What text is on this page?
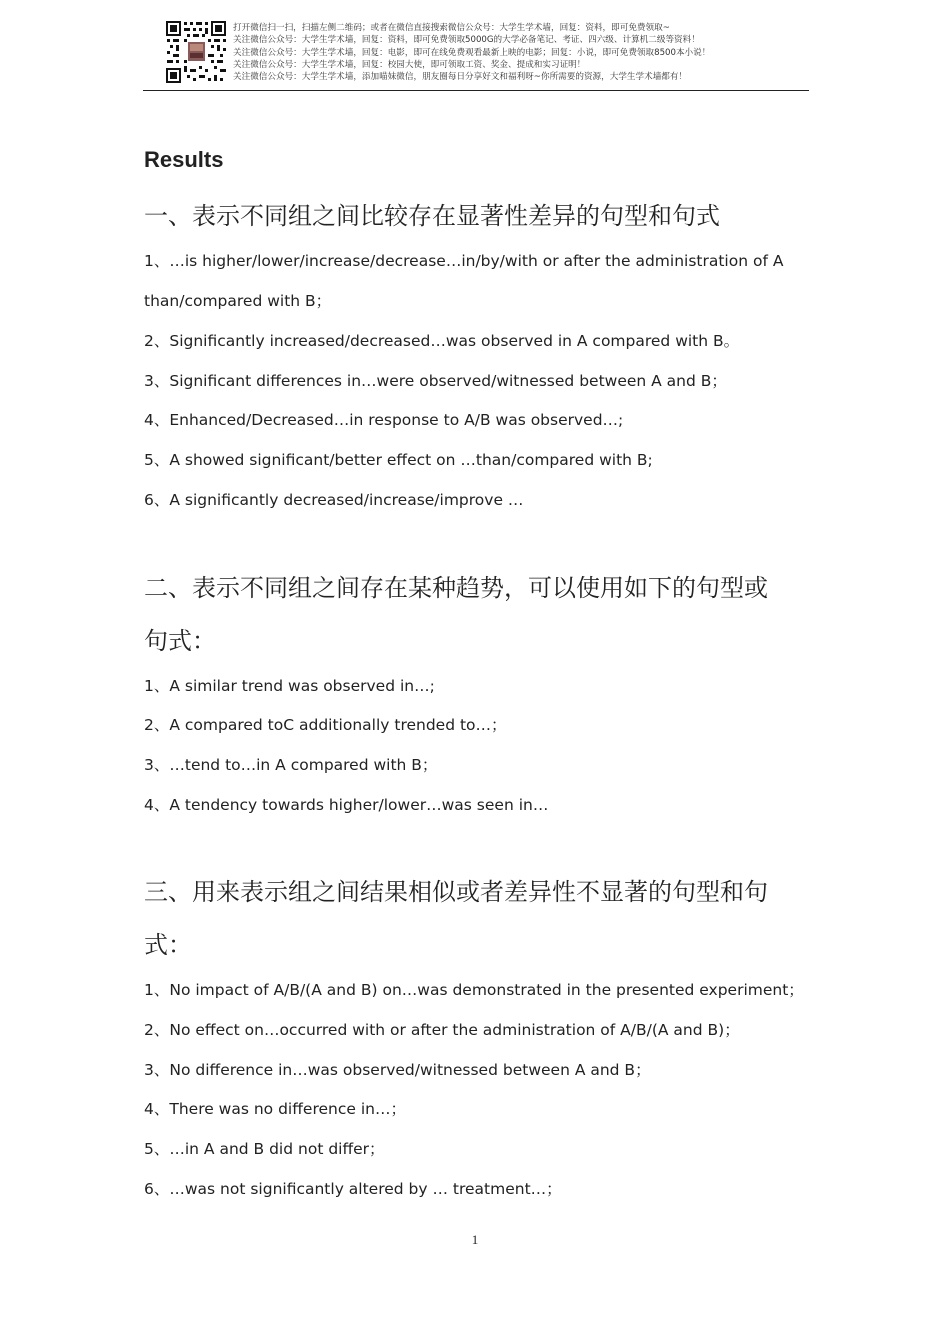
打开微信扫一扫，扫描左侧二维码；或者在微信直接搜索微信公众号：大学生学术墙，回复：资料，即可免费领取~
关注微信公众号：大学生学术墙，回复：资料，即可免费领取5000G的大学必备笔记、考证、四六级、计算机二级等资料！
关注微信公众号：大学生学术墙，回复：电影，即可在线免费观看最新上映的电影；回复：小说，即可免费领取8500本小说！
关注微信公众号：大学生学术墙，回复：校园大使，即可领取工资、奖金、提成和实习证明！
关注微信公众号：大学生学术墙，添加喵妹微信，朋友圈每日分享好文和福利呀~你所需要的资源，大学生学术墙都有！
Results
一、表示不同组之间比较存在显著性差异的句型和句式
1、…is higher/lower/increase/decrease…in/by/with or after the administration of A
than/compared with B；
2、Significantly increased/decreased…was observed in A compared with B。
3、Significant differences in…were observed/witnessed between A and B；
4、Enhanced/Decreased…in response to A/B was observed…;
5、A showed significant/better effect on …than/compared with B;
6、A significantly decreased/increase/improve …
二、表示不同组之间存在某种趋势，可以使用如下的句型或
句式：
1、A similar trend was observed in…;
2、A compared toC additionally trended to…；
3、…tend to…in A compared with B；
4、A tendency towards higher/lower…was seen in…
三、用来表示组之间结果相似或者差异性不显著的句型和句
式：
1、No impact of A/B/(A and B) on…was demonstrated in the presented experiment；
2、No effect on…occurred with or after the administration of A/B/(A and B)；
3、No difference in…was observed/witnessed between A and B；
4、There was no difference in…；
5、…in A and B did not differ；
6、…was not significantly altered by … treatment…；
1
